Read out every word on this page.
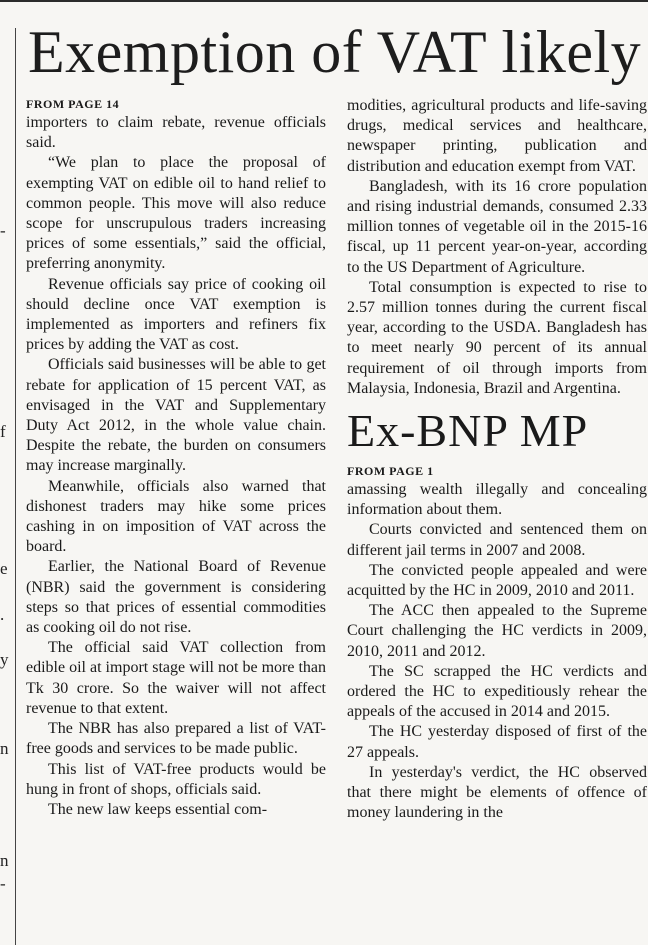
-
f
e
.
y
n
n
-
Exemption of VAT likely
FROM PAGE 14

importers to claim rebate, revenue officials said.

“We plan to place the proposal of exempting VAT on edible oil to hand relief to common people. This move will also reduce scope for unscrupulous traders increasing prices of some essentials,” said the official, preferring anonymity.

Revenue officials say price of cooking oil should decline once VAT exemption is implemented as importers and refiners fix prices by adding the VAT as cost.

Officials said businesses will be able to get rebate for application of 15 percent VAT, as envisaged in the VAT and Supplementary Duty Act 2012, in the whole value chain. Despite the rebate, the burden on consumers may increase marginally.

Meanwhile, officials also warned that dishonest traders may hike some prices cashing in on imposition of VAT across the board.

Earlier, the National Board of Revenue (NBR) said the government is considering steps so that prices of essential commodities as cooking oil do not rise.

The official said VAT collection from edible oil at import stage will not be more than Tk 30 crore. So the waiver will not affect revenue to that extent.

The NBR has also prepared a list of VAT-free goods and services to be made public.

This list of VAT-free products would be hung in front of shops, officials said.

The new law keeps essential com-

modities, agricultural products and life-saving drugs, medical services and healthcare, newspaper printing, publication and distribution and education exempt from VAT.

Bangladesh, with its 16 crore population and rising industrial demands, consumed 2.33 million tonnes of vegetable oil in the 2015-16 fiscal, up 11 percent year-on-year, according to the US Department of Agriculture.

Total consumption is expected to rise to 2.57 million tonnes during the current fiscal year, according to the USDA. Bangladesh has to meet nearly 90 percent of its annual requirement of oil through imports from Malaysia, Indonesia, Brazil and Argentina.

Ex-BNP MP
FROM PAGE 1

amassing wealth illegally and concealing information about them.

Courts convicted and sentenced them on different jail terms in 2007 and 2008.

The convicted people appealed and were acquitted by the HC in 2009, 2010 and 2011.

The ACC then appealed to the Supreme Court challenging the HC verdicts in 2009, 2010, 2011 and 2012.

The SC scrapped the HC verdicts and ordered the HC to expeditiously rehear the appeals of the accused in 2014 and 2015.

The HC yesterday disposed of first of the 27 appeals.

In yesterday's verdict, the HC observed that there might be elements of offence of money laundering in the
